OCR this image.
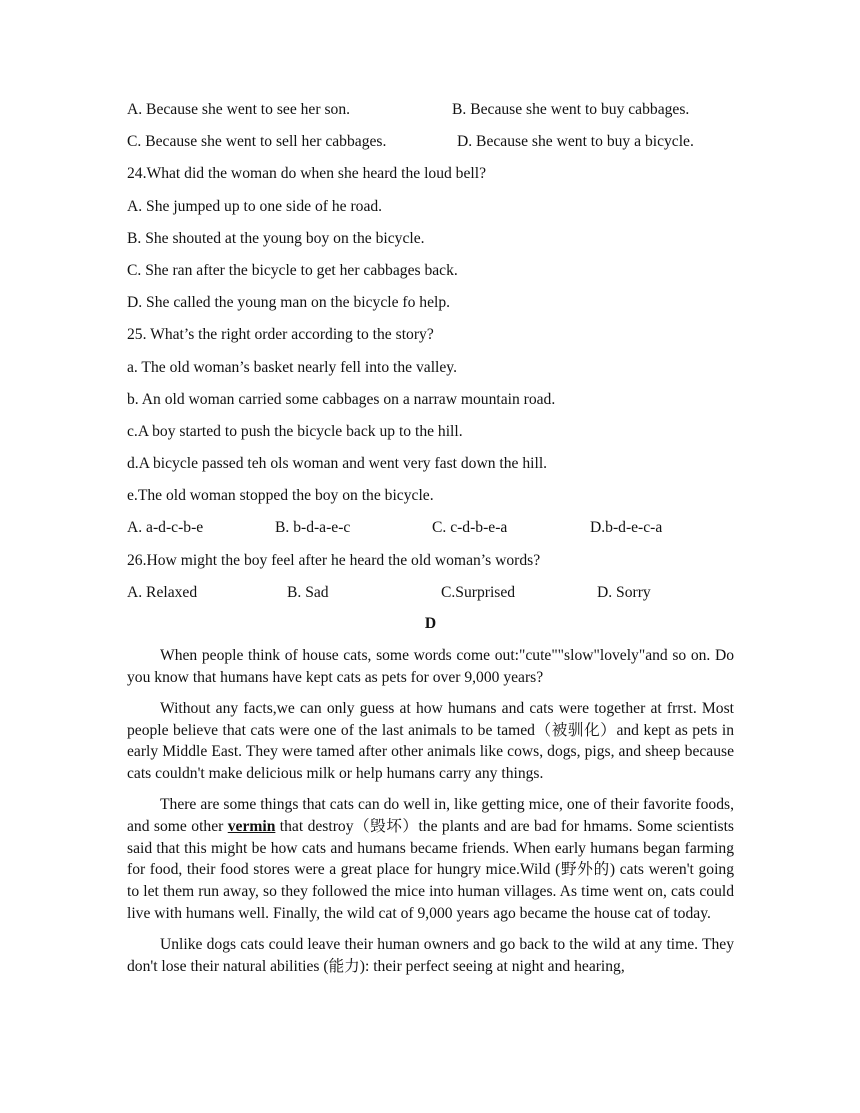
A. Because she went to see her son.	B. Because she went to buy cabbages.
C. Because she went to sell her cabbages.	D. Because she went to buy a bicycle.
24.What did the woman do when she heard the loud bell?
A. She jumped up to one side of he road.
B. She shouted at the young boy on the bicycle.
C. She ran after the bicycle to get her cabbages back.
D. She called the young man on the bicycle fo help.
25. What’s the right order according to the story?
a. The old woman’s basket nearly fell into the valley.
b. An old woman carried some cabbages on a narraw mountain road.
c.A boy started to push the bicycle back up to the hill.
d.A bicycle passed teh ols woman and went very fast down the hill.
e.The old woman stopped the boy on the bicycle.
A. a-d-c-b-e	B. b-d-a-e-c	C. c-d-b-e-a	D.b-d-e-c-a
26.How might the boy feel after he heard the old woman’s words?
A. Relaxed	B. Sad	C.Surprised	D. Sorry
D

When people think of house cats, some words come out:"cute""slow"lovely"and so on. Do you know that humans have kept cats as pets for over 9,000 years?

Without any facts,we can only guess at how humans and cats were together at frrst. Most people believe that cats were one of the last animals to be tamed（被驯化）and kept as pets in early Middle East. They were tamed after other animals like cows, dogs, pigs, and sheep because cats couldn't make delicious milk or help humans carry any things.

There are some things that cats can do well in, like getting mice, one of their favorite foods, and some other vermin that destroy（毁坏）the plants and are bad for hmams. Some scientists said that this might be how cats and humans became friends. When early humans began farming for food, their food stores were a great place for hungry mice.Wild (野外的) cats weren't going to let them run away, so they followed the mice into human villages. As time went on, cats could live with humans well. Finally, the wild cat of 9,000 years ago became the house cat of today.

Unlike dogs cats could leave their human owners and go back to the wild at any time. They don't lose their natural abilities (能力): their perfect seeing at night and hearing,
